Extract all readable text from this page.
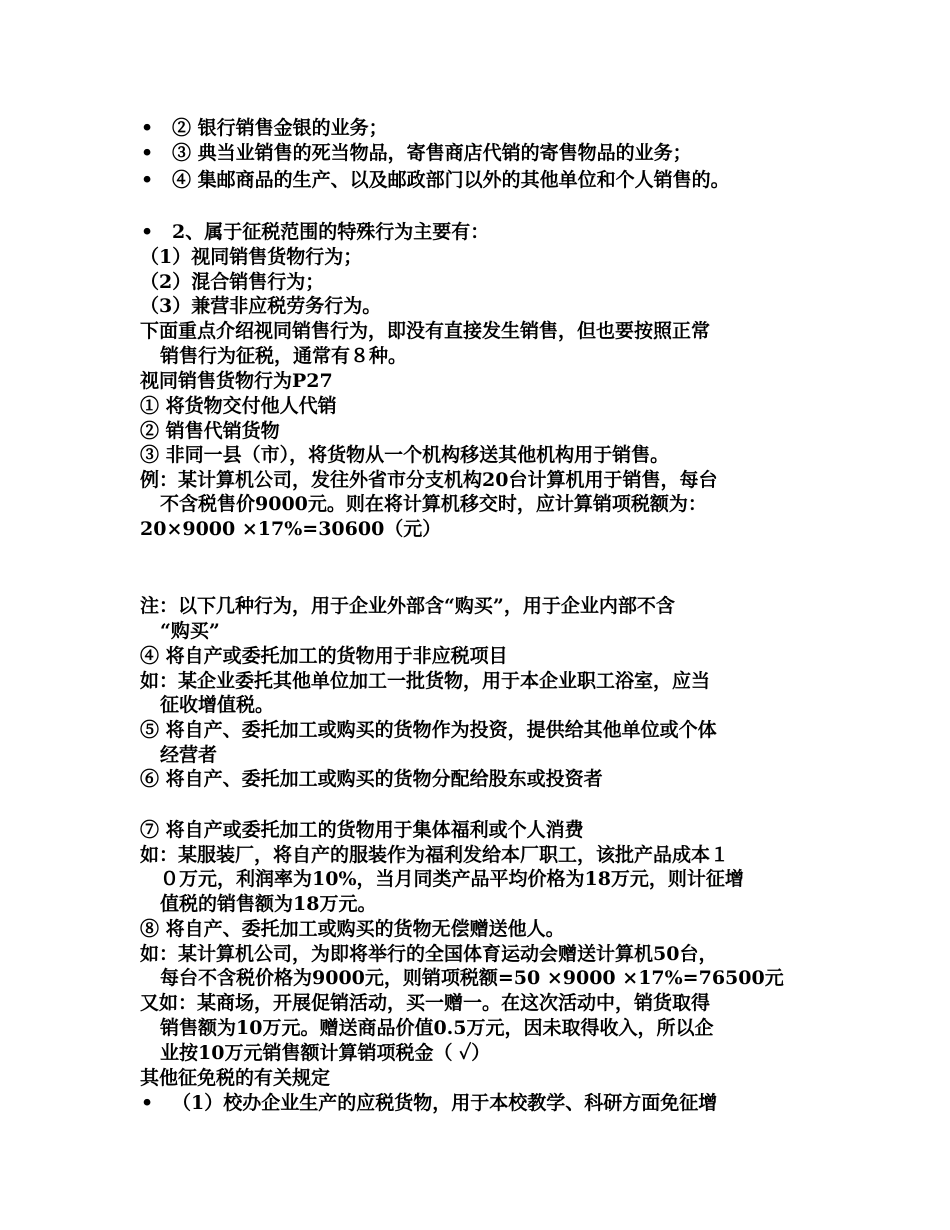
•
•
•
•
•
② 银行销售金银的业务；
③ 典当业销售的死当物品，寄售商店代销的寄售物品的业务；
④ 集邮商品的生产、以及邮政部门以外的其他单位和个人销售的。
2、属于征税范围的特殊行为主要有：
（1）视同销售货物行为；
（2）混合销售行为；
（3）兼营非应税劳务行为。
下面重点介绍视同销售行为，即没有直接发生销售，但也要按照正常
销售行为征税，通常有８种。
视同销售货物行为P27
① 将货物交付他人代销
② 销售代销货物
③ 非同一县（市），将货物从一个机构移送其他机构用于销售。
例：某计算机公司，发往外省市分支机构20台计算机用于销售，每台
不含税售价9000元。则在将计算机移交时，应计算销项税额为：
20×9000 ×17%=30600（元）
注：以下几种行为，用于企业外部含“购买”，用于企业内部不含
“购买”
④ 将自产或委托加工的货物用于非应税项目
如：某企业委托其他单位加工一批货物，用于本企业职工浴室，应当
征收增值税。
⑤ 将自产、委托加工或购买的货物作为投资，提供给其他单位或个体
经营者
⑥ 将自产、委托加工或购买的货物分配给股东或投资者
⑦ 将自产或委托加工的货物用于集体福利或个人消费
如：某服装厂，将自产的服装作为福利发给本厂职工，该批产品成本１
０万元，利润率为10%，当月同类产品平均价格为18万元，则计征增
值税的销售额为18万元。
⑧ 将自产、委托加工或购买的货物无偿赠送他人。
如：某计算机公司，为即将举行的全国体育运动会赠送计算机50台，
每台不含税价格为9000元，则销项税额=50 ×9000 ×17%=76500元
又如：某商场，开展促销活动，买一赠一。在这次活动中，销货取得
销售额为10万元。赠送商品价值0.5万元，因未取得收入，所以企
业按10万元销售额计算销项税金（ ✓）
其他征免税的有关规定
（1）校办企业生产的应税货物，用于本校教学、科研方面免征增
